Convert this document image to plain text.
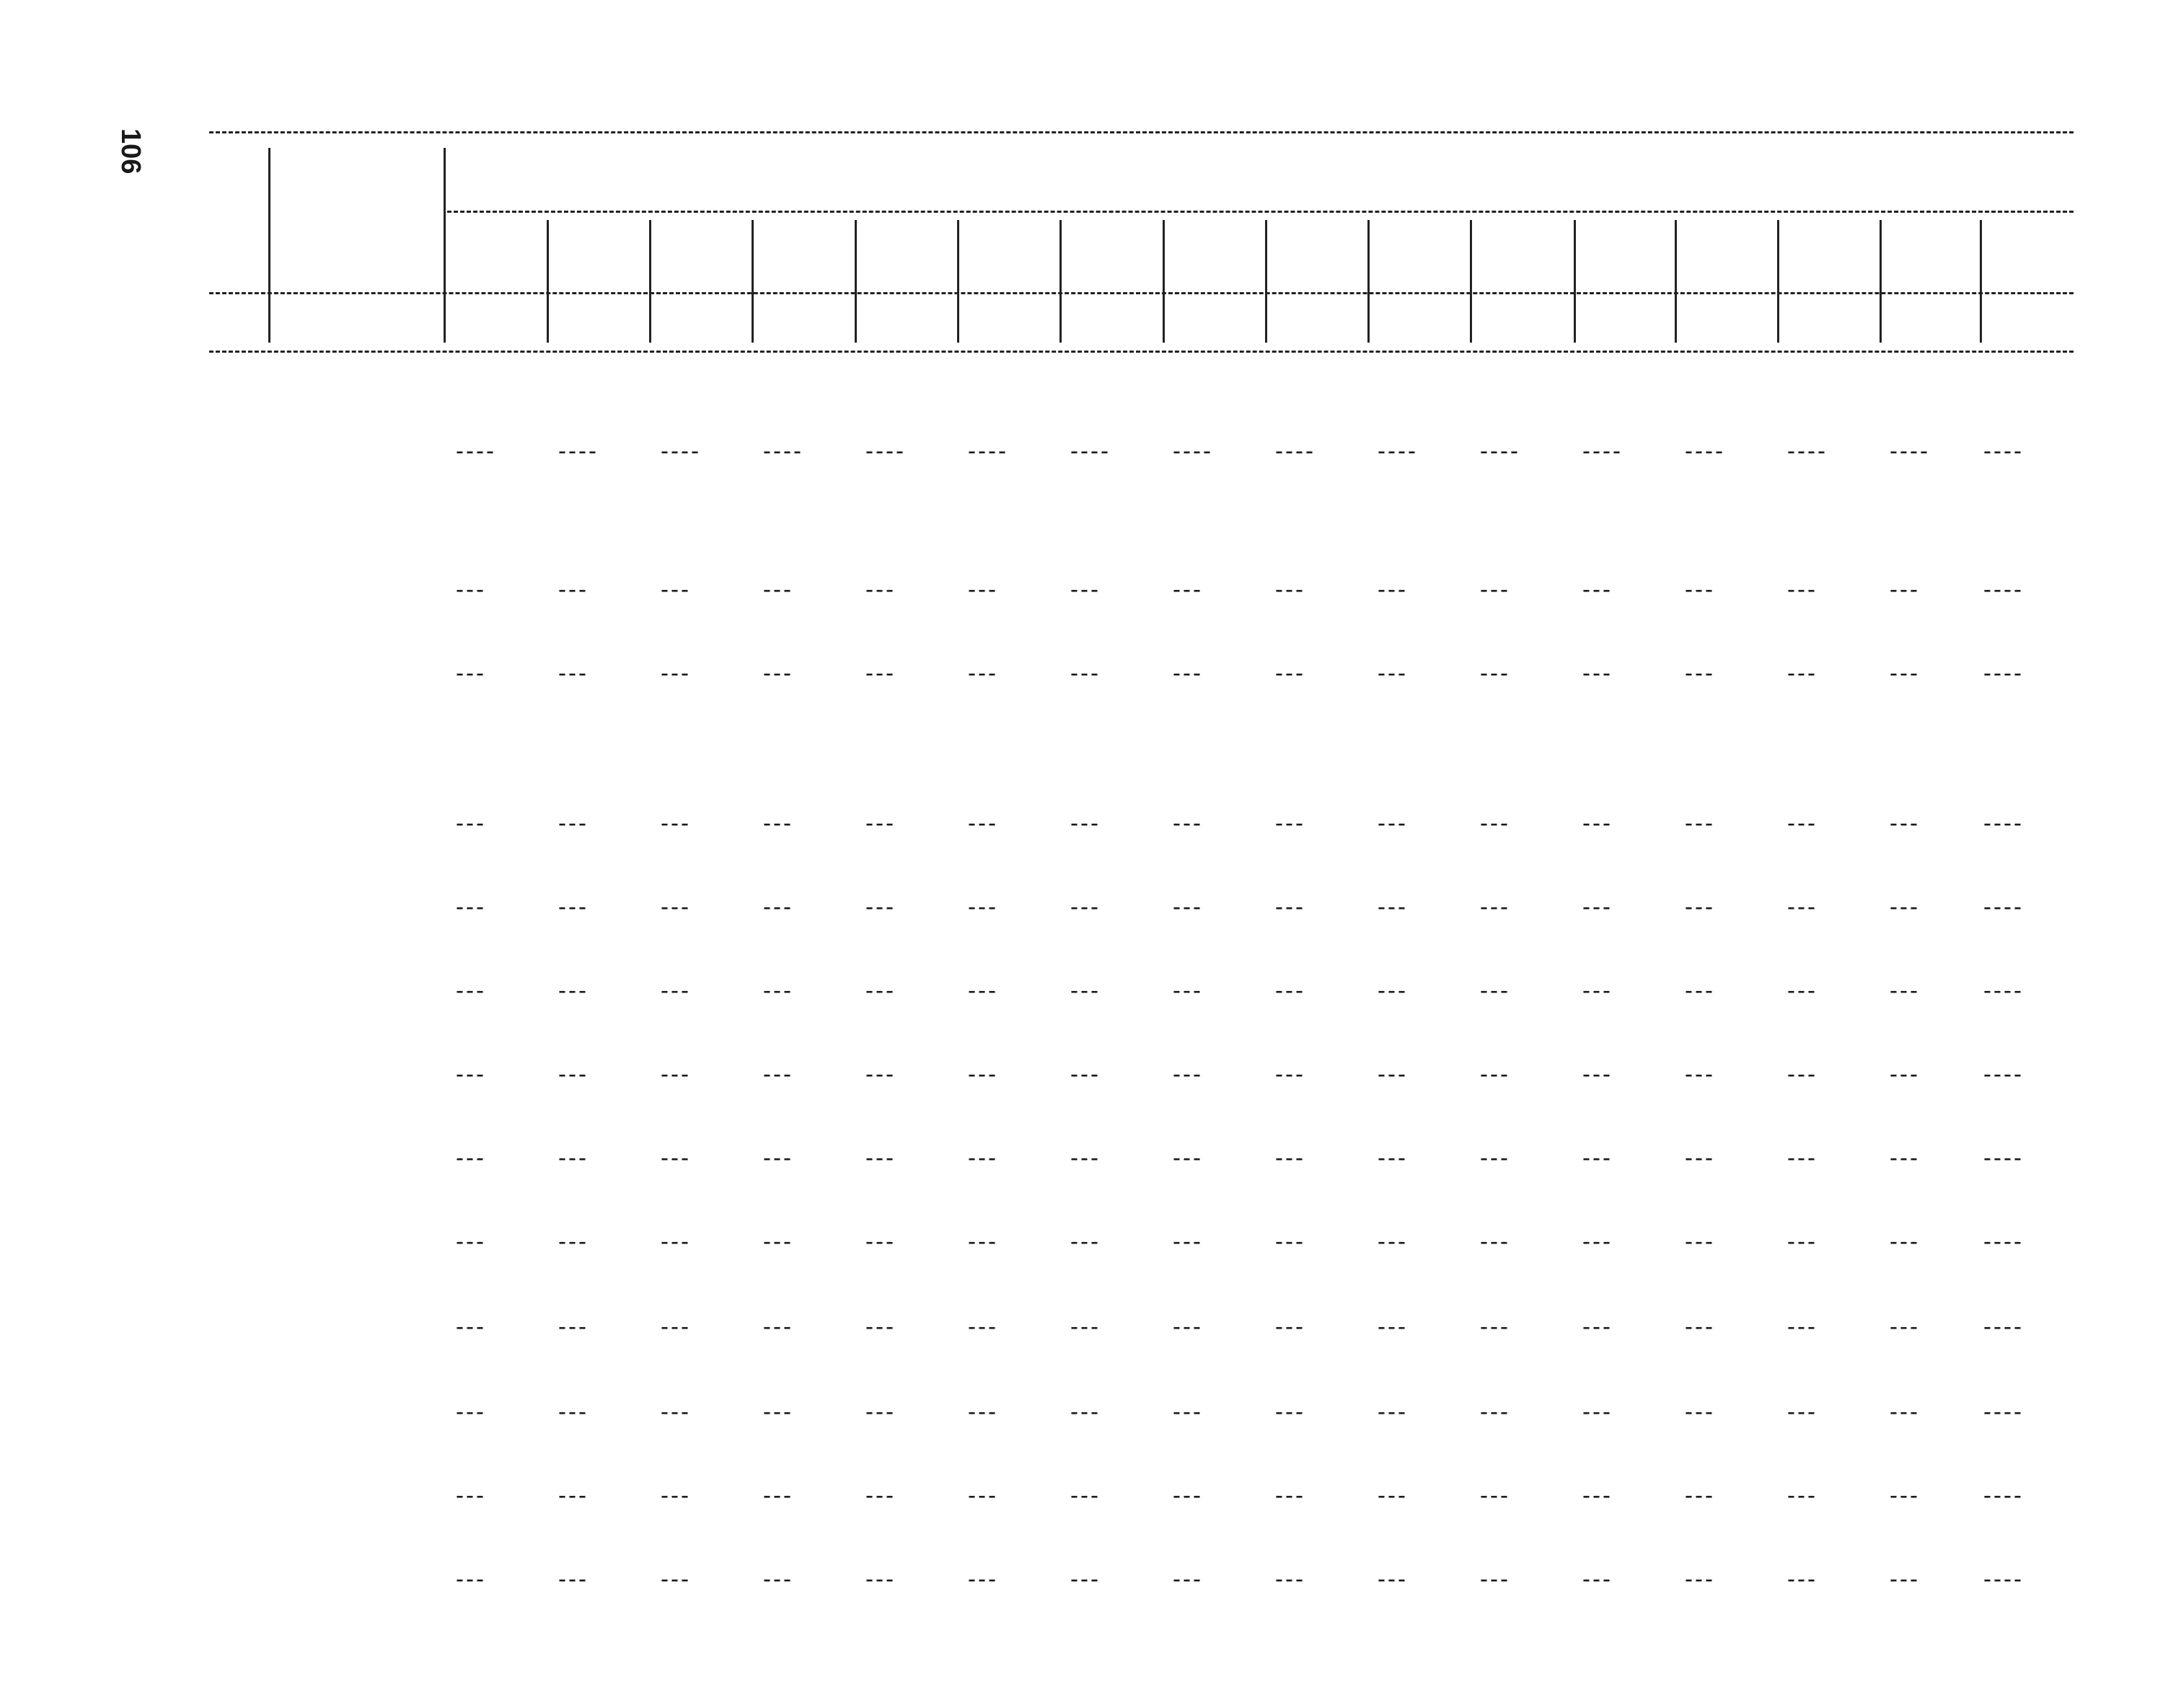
106
----	----	----	----	----	----	----	----	----	----	----	----	----	----	---- ----
---	---	---	---	---	---	---	---	---	---	---	---	---	---	---	----
---	---	---	---	---	---	---	---	---	---	---	---	---	---	---	----
---	---	---	---	---	---	---	---	---	---	---	---	---	---	---	----
---	---	---	---	---	---	---	---	---	---	---	---	---	---	---	----
---	---	---	---	---	---	---	---	---	---	---	---	---	---	---	----
---	---	---	---	---	---	---	---	---	---	---	---	---	---	---	----
---	---	---	---	---	---	---	---	---	---	---	---	---	---	---	----
---	---	---	---	---	---	---	---	---	---	---	---	---	---	---	----
---	---	---	---	---	---	---	---	---	---	---	---	---	---	---	----
---	---	---	---	---	---	---	---	---	---	---	---	---	---	---	----
---	---	---	---	---	---	---	---	---	---	---	---	---	---	---	----
---	---	---	---	---	---	---	---	---	---	---	---	---	---	---	----
